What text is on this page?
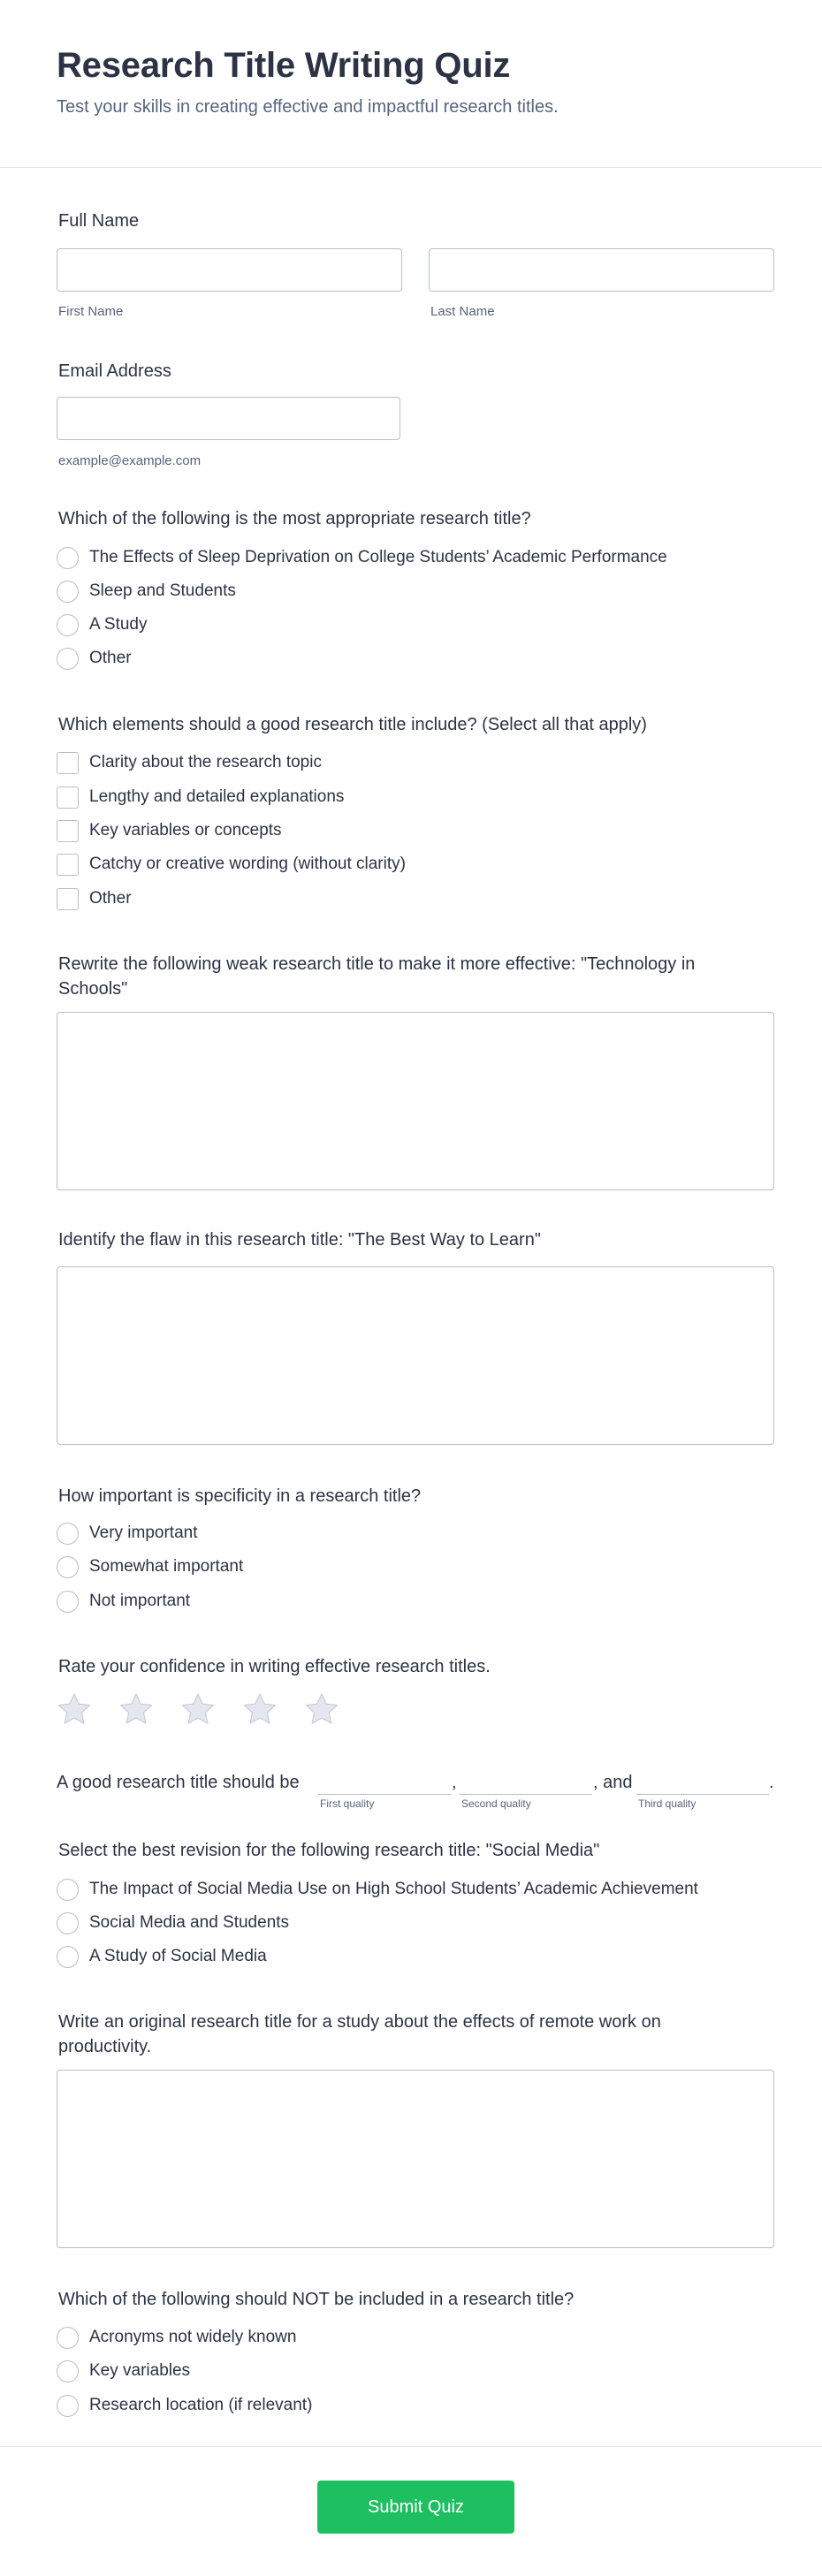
Research Title Writing Quiz

Test your skills in creating effective and impactful research titles.

Full Name
First Name	Last Name
Email Address
example@example.com
Which of the following is the most appropriate research title?
The Effects of Sleep Deprivation on College Students’ Academic Performance
Sleep and Students
A Study
Other
Which elements should a good research title include? (Select all that apply)
Clarity about the research topic
Lengthy and detailed explanations
Key variables or concepts
Catchy or creative wording (without clarity)
Other
Rewrite the following weak research title to make it more effective: "Technology in
Schools"
Identify the flaw in this research title: "The Best Way to Learn"
How important is specificity in a research title?
Very important
Somewhat important
Not important
Rate your confidence in writing effective research titles.
A good research title should be
First quality
,
Second quality
, and
Third quality
.
Select the best revision for the following research title: "Social Media"
The Impact of Social Media Use on High School Students’ Academic Achievement
Social Media and Students
A Study of Social Media
Write an original research title for a study about the effects of remote work on
productivity.
Which of the following should NOT be included in a research title?
Acronyms not widely known
Key variables
Research location (if relevant)
Submit Quiz
